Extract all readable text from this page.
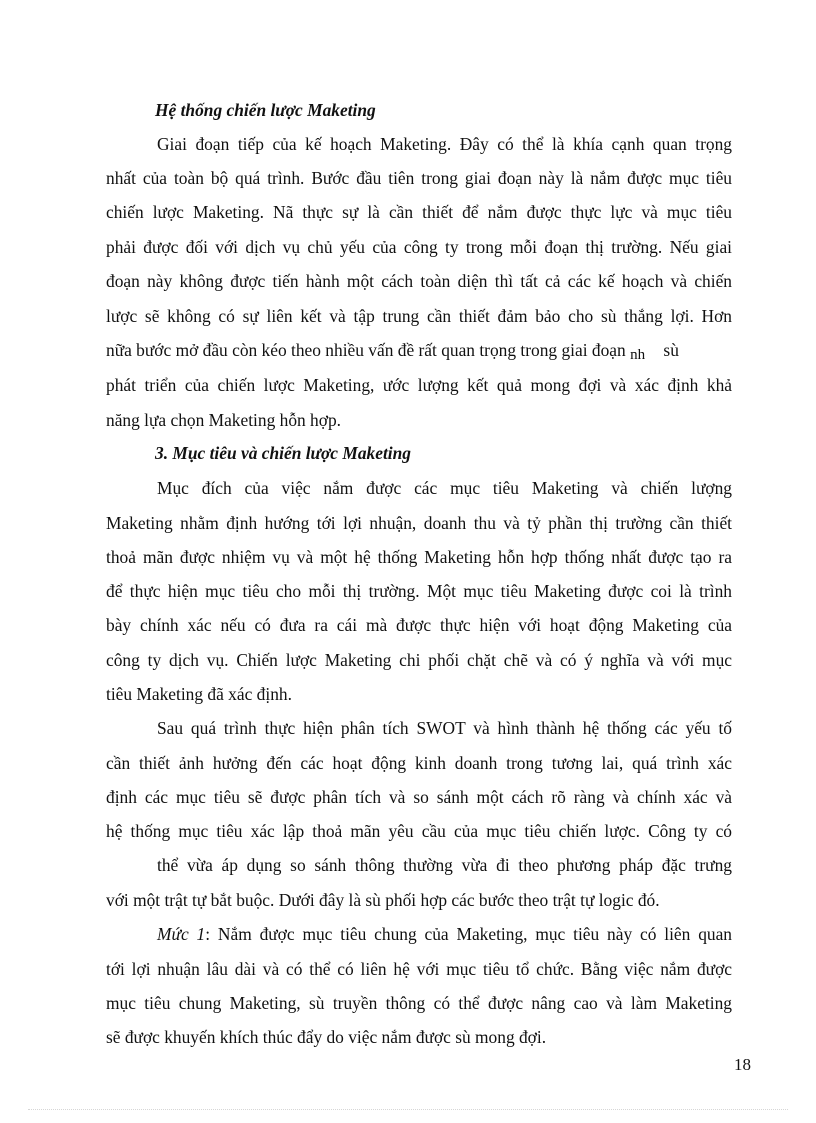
Hệ thống chiến lược Maketing
Giai đoạn tiếp của kế hoạch Maketing. Đây có thể là khía cạnh quan trọng
nhất của toàn bộ quá trình. Bước đầu tiên trong giai đoạn này là nắm được mục tiêu
chiến lược Maketing. Nã thực sự là cần thiết để nắm được thực lực và mục tiêu
phải được đối với dịch vụ chủ yếu của công ty trong mỗi đoạn thị trường. Nếu giai
đoạn này không được tiến hành một cách toàn diện thì tất cả các kế hoạch và chiến
lược sẽ không có sự liên kết và tập trung cần thiết đảm bảo cho sù thắng lợi. Hơn
nữa bước mở đầu còn kéo theo nhiều vấn đề rất quan trọng trong giai đoạn nh sù
phát triển của chiến lược Maketing, ước lượng kết quả mong đợi và xác định khả
năng lựa chọn Maketing hỗn hợp.
3. Mục tiêu và chiến lược Maketing
Mục đích của việc nắm được các mục tiêu Maketing và chiến lượng
Maketing nhằm định hướng tới lợi nhuận, doanh thu và tỷ phần thị trường cần thiết
thoả mãn được nhiệm vụ và một hệ thống Maketing hỗn hợp thống nhất được tạo ra
để thực hiện mục tiêu cho mỗi thị trường. Một mục tiêu Maketing được coi là trình
bày chính xác nếu có đưa ra cái mà được thực hiện với hoạt động Maketing của
công ty dịch vụ. Chiến lược Maketing chi phối chặt chẽ và có ý nghĩa và với mục
tiêu Maketing đã xác định.
Sau quá trình thực hiện phân tích SWOT và hình thành hệ thống các yếu tố
cần thiết ảnh hưởng đến các hoạt động kinh doanh trong tương lai, quá trình xác
định các mục tiêu sẽ được phân tích và so sánh một cách rõ ràng và chính xác và
hệ thống mục tiêu xác lập thoả mãn yêu cầu của mục tiêu chiến lược. Công ty có
thể vừa áp dụng so sánh thông thường vừa đi theo phương pháp đặc trưng
với một trật tự bắt buộc. Dưới đây là sù phối hợp các bước theo trật tự logic đó.
Mức 1: Nắm được mục tiêu chung của Maketing, mục tiêu này có liên quan
tới lợi nhuận lâu dài và có thể có liên hệ với mục tiêu tổ chức. Bằng việc nắm được
mục tiêu chung Maketing, sù truyền thông có thể được nâng cao và làm Maketing
sẽ được khuyến khích thúc đẩy do việc nắm được sù mong đợi.
18
